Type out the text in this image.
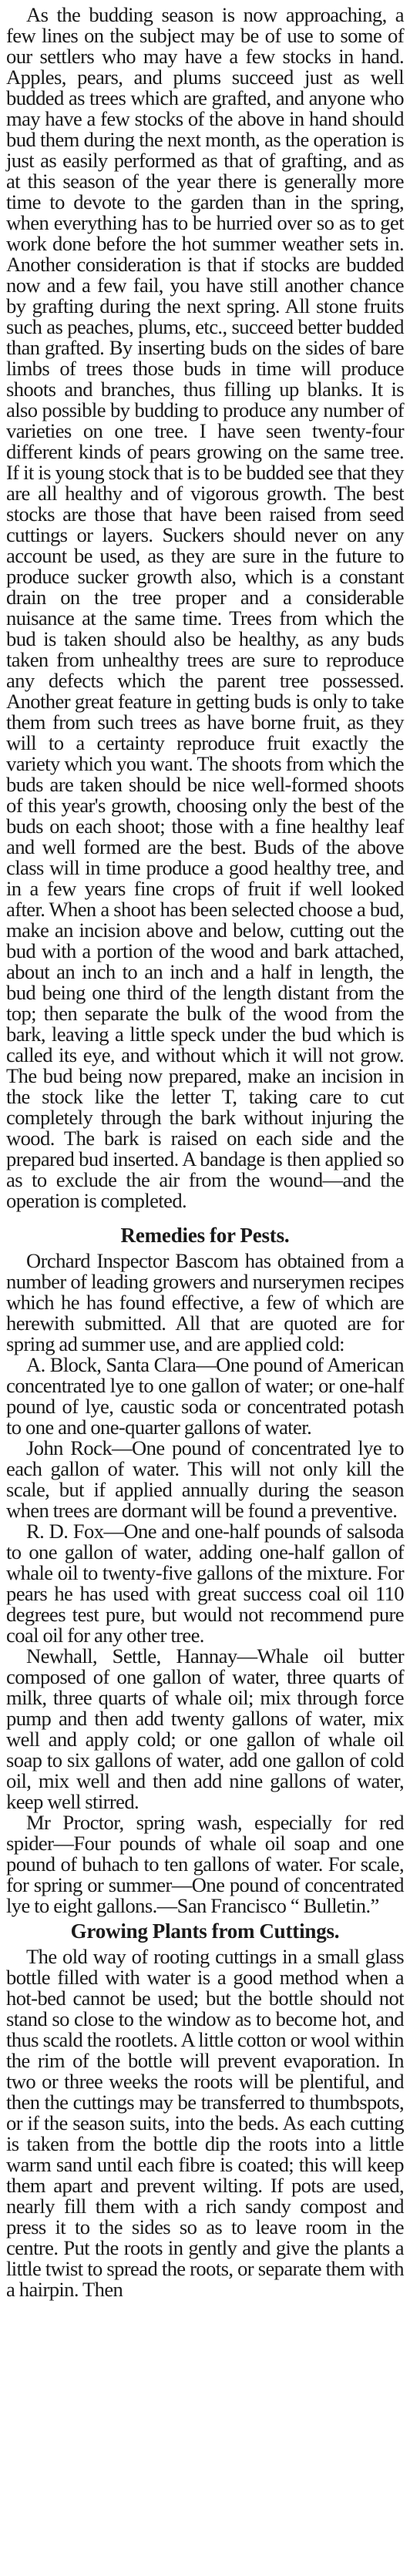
As the budding season is now approaching, a few lines on the subject may be of use to some of our settlers who may have a few stocks in hand. Apples, pears, and plums succeed just as well budded as trees which are grafted, and anyone who may have a few stocks of the above in hand should bud them during the next month, as the operation is just as easily performed as that of grafting, and as at this season of the year there is generally more time to devote to the garden than in the spring, when everything has to be hurried over so as to get work done before the hot summer weather sets in. Another consideration is that if stocks are budded now and a few fail, you have still another chance by grafting during the next spring. All stone fruits such as peaches, plums, etc., succeed better budded than grafted. By inserting buds on the sides of bare limbs of trees those buds in time will produce shoots and branches, thus filling up blanks. It is also possible by budding to produce any number of varieties on one tree. I have seen twenty-four different kinds of pears growing on the same tree. If it is young stock that is to be budded see that they are all healthy and of vigorous growth. The best stocks are those that have been raised from seed cuttings or layers. Suckers should never on any account be used, as they are sure in the future to produce sucker growth also, which is a constant drain on the tree proper and a considerable nuisance at the same time. Trees from which the bud is taken should also be healthy, as any buds taken from unhealthy trees are sure to reproduce any defects which the parent tree possessed. Another great feature in getting buds is only to take them from such trees as have borne fruit, as they will to a certainty reproduce fruit exactly the variety which you want. The shoots from which the buds are taken should be nice well-formed shoots of this year's growth, choosing only the best of the buds on each shoot; those with a fine healthy leaf and well formed are the best. Buds of the above class will in time produce a good healthy tree, and in a few years fine crops of fruit if well looked after. When a shoot has been selected choose a bud, make an incision above and below, cutting out the bud with a portion of the wood and bark attached, about an inch to an inch and a half in length, the bud being one third of the length distant from the top; then separate the bulk of the wood from the bark, leaving a little speck under the bud which is called its eye, and without which it will not grow. The bud being now prepared, make an incision in the stock like the letter T, taking care to cut completely through the bark without injuring the wood. The bark is raised on each side and the prepared bud inserted. A bandage is then applied so as to exclude the air from the wound—and the operation is completed.

Remedies for Pests.

Orchard Inspector Bascom has obtained from a number of leading growers and nurserymen recipes which he has found effective, a few of which are herewith submitted. All that are quoted are for spring ad summer use, and are applied cold:

A. Block, Santa Clara—One pound of American concentrated lye to one gallon of water; or one-half pound of lye, caustic soda or concentrated potash to one and one-quarter gallons of water.

John Rock—One pound of concentrated lye to each gallon of water. This will not only kill the scale, but if applied annually during the season when trees are dormant will be found a preventive.

R. D. Fox—One and one-half pounds of salsoda to one gallon of water, adding one-half gallon of whale oil to twenty-five gallons of the mixture. For pears he has used with great success coal oil 110 degrees test pure, but would not recommend pure coal oil for any other tree.

Newhall, Settle, Hannay—Whale oil butter composed of one gallon of water, three quarts of milk, three quarts of whale oil; mix through force pump and then add twenty gallons of water, mix well and apply cold; or one gallon of whale oil soap to six gallons of water, add one gallon of cold oil, mix well and then add nine gallons of water, keep well stirred.

Mr Proctor, spring wash, especially for red spider—Four pounds of whale oil soap and one pound of buhach to ten gallons of water. For scale, for spring or summer—One pound of concentrated lye to eight gallons.—San Francisco “ Bulletin.”

Growing Plants from Cuttings.

The old way of rooting cuttings in a small glass bottle filled with water is a good method when a hot-bed cannot be used; but the bottle should not stand so close to the window as to become hot, and thus scald the rootlets. A little cotton or wool within the rim of the bottle will prevent evaporation. In two or three weeks the roots will be plentiful, and then the cuttings may be transferred to thumbspots, or if the season suits, into the beds. As each cutting is taken from the bottle dip the roots into a little warm sand until each fibre is coated; this will keep them apart and prevent wilting. If pots are used, nearly fill them with a rich sandy compost and press it to the sides so as to leave room in the centre. Put the roots in gently and give the plants a little twist to spread the roots, or separate them with a hairpin. Then
